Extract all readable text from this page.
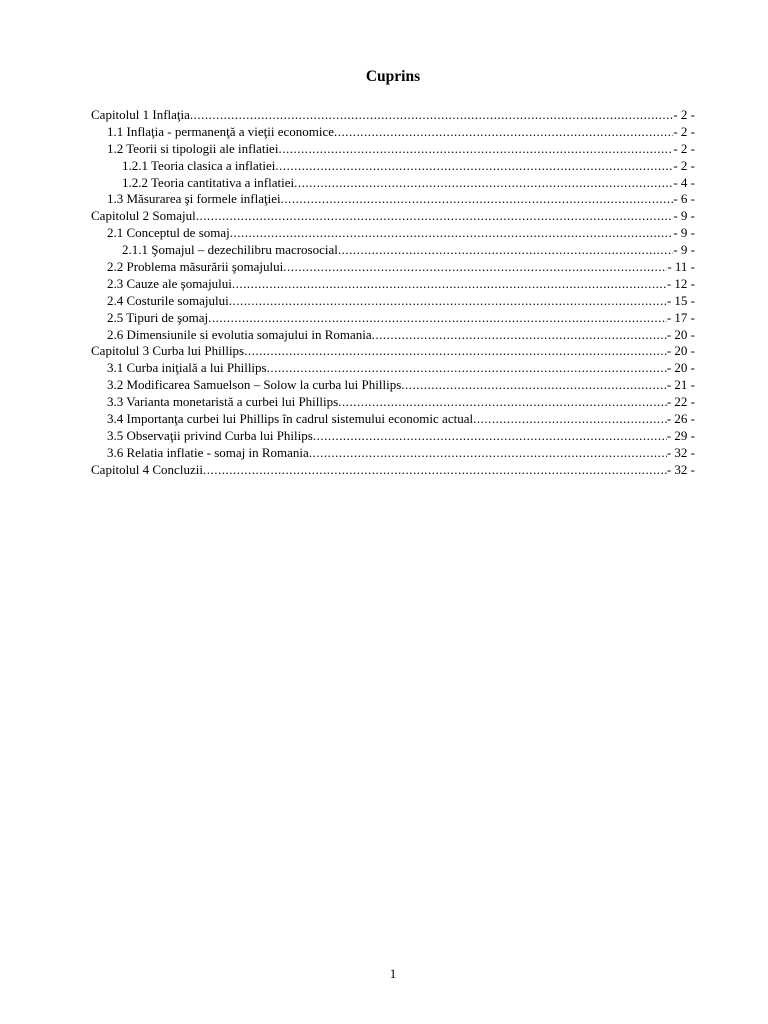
Cuprins
Capitolul 1 Inflaţia .....	- 2 -
1.1 Inflaţia - permanenţă a vieţii economice .....	- 2 -
1.2 Teorii si tipologii ale inflatiei .....	- 2 -
1.2.1 Teoria clasica a inflatiei .....	- 2 -
1.2.2 Teoria cantitativa a inflatiei .....	- 4 -
1.3 Măsurarea şi formele inflaţiei .....	- 6 -
Capitolul 2 Somajul .....	- 9 -
2.1 Conceptul de somaj .....	- 9 -
2.1.1 Şomajul – dezechilibru macrosocial .....	- 9 -
2.2 Problema măsurării şomajului .....	- 11 -
2.3 Cauze ale şomajului .....	- 12 -
2.4 Costurile somajului .....	- 15 -
2.5 Tipuri de şomaj .....	- 17 -
2.6 Dimensiunile si evolutia somajului in Romania .....	- 20 -
Capitolul 3 Curba lui Phillips .....	- 20 -
3.1 Curba iniţială a lui Phillips .....	- 20 -
3.2 Modificarea Samuelson – Solow la curba lui Phillips .....	- 21 -
3.3 Varianta monetaristă a curbei lui Phillips .....	- 22 -
3.4 Importanţa curbei lui Phillips în cadrul sistemului economic actual .....	- 26 -
3.5 Observaţii privind Curba lui Philips .....	- 29 -
3.6 Relatia inflatie - somaj in Romania .....	- 32 -
Capitolul 4 Concluzii .....	- 32 -
1
